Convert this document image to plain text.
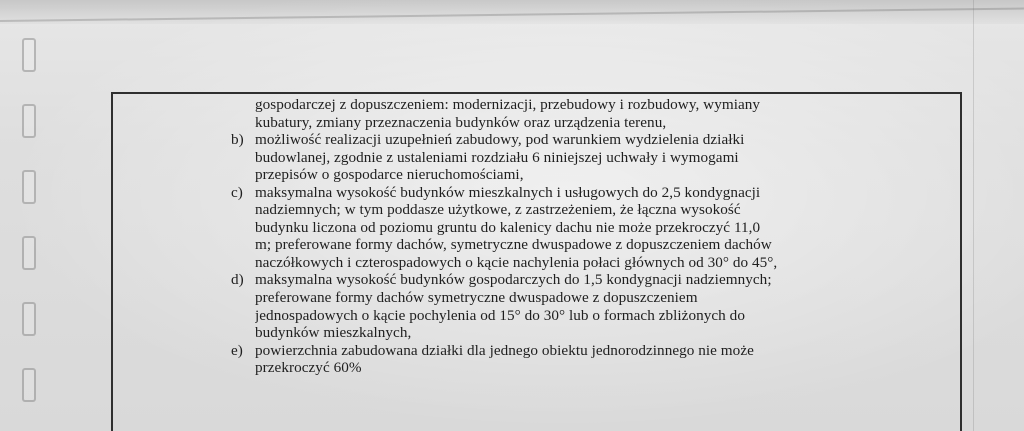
gospodarczej z dopuszczeniem: modernizacji, przebudowy i rozbudowy, wymiany
kubatury, zmiany przeznaczenia budynków oraz urządzenia terenu,
b) możliwość realizacji uzupełnień zabudowy, pod warunkiem wydzielenia działki
budowlanej, zgodnie z ustaleniami rozdziału 6 niniejszej uchwały i wymogami
przepisów o gospodarce nieruchomościami,
c) maksymalna wysokość budynków mieszkalnych i usługowych do 2,5 kondygnacji
nadziemnych; w tym poddasze użytkowe, z zastrzeżeniem, że łączna wysokość
budynku liczona od poziomu gruntu do kalenicy dachu nie może przekroczyć 11,0
m; preferowane formy dachów, symetryczne dwuspadowe z dopuszczeniem dachów
naczółkowych i czterospadowych o kącie nachylenia połaci głównych od 30° do 45°,
d) maksymalna wysokość budynków gospodarczych do 1,5 kondygnacji nadziemnych;
preferowane formy dachów symetryczne dwuspadowe z dopuszczeniem
jednospadowych o kącie pochylenia od 15° do 30° lub o formach zbliżonych do
budynków mieszkalnych,
e) powierzchnia zabudowana działki dla jednego obiektu jednorodzinnego nie może
przekroczyć 60%
